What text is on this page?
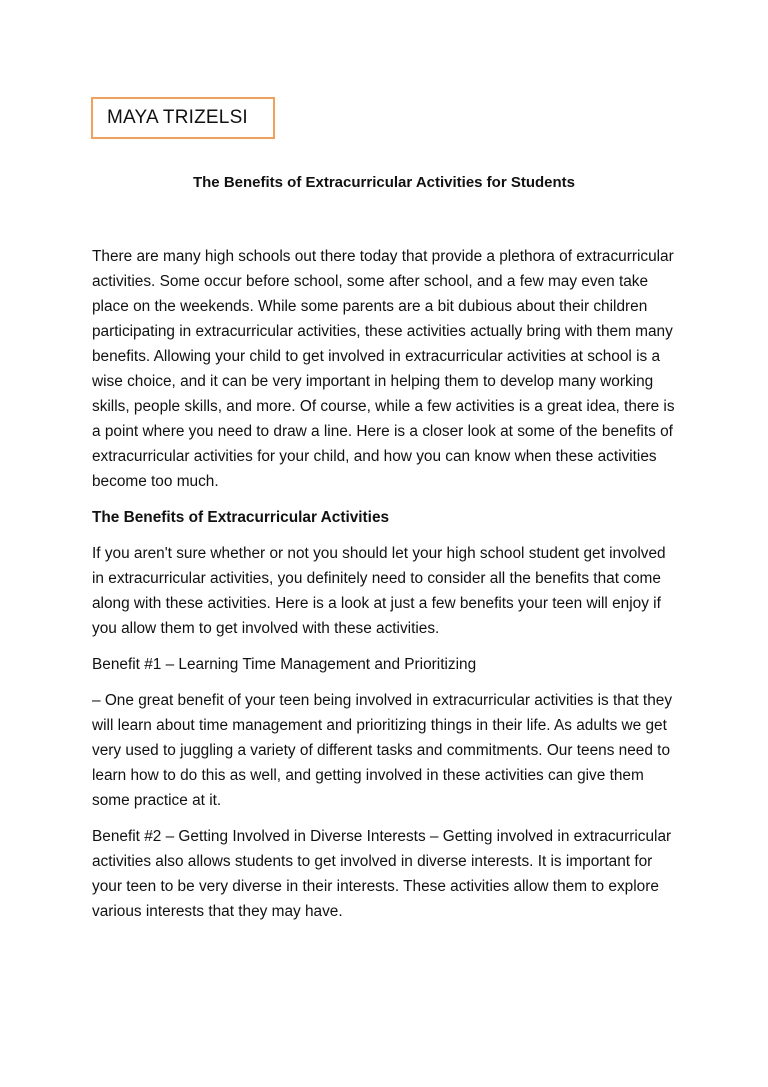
MAYA TRIZELSI
The Benefits of Extracurricular Activities for Students

There are many high schools out there today that provide a plethora of extracurricular activities. Some occur before school, some after school, and a few may even take place on the weekends. While some parents are a bit dubious about their children participating in extracurricular activities, these activities actually bring with them many benefits. Allowing your child to get involved in extracurricular activities at school is a wise choice, and it can be very important in helping them to develop many working skills, people skills, and more. Of course, while a few activities is a great idea, there is a point where you need to draw a line. Here is a closer look at some of the benefits of extracurricular activities for your child, and how you can know when these activities become too much.

The Benefits of Extracurricular Activities

If you aren't sure whether or not you should let your high school student get involved in extracurricular activities, you definitely need to consider all the benefits that come along with these activities. Here is a look at just a few benefits your teen will enjoy if you allow them to get involved with these activities.

Benefit #1 – Learning Time Management and Prioritizing

– One great benefit of your teen being involved in extracurricular activities is that they will learn about time management and prioritizing things in their life. As adults we get very used to juggling a variety of different tasks and commitments. Our teens need to learn how to do this as well, and getting involved in these activities can give them some practice at it.

Benefit #2 – Getting Involved in Diverse Interests – Getting involved in extracurricular activities also allows students to get involved in diverse interests. It is important for your teen to be very diverse in their interests. These activities allow them to explore various interests that they may have.
